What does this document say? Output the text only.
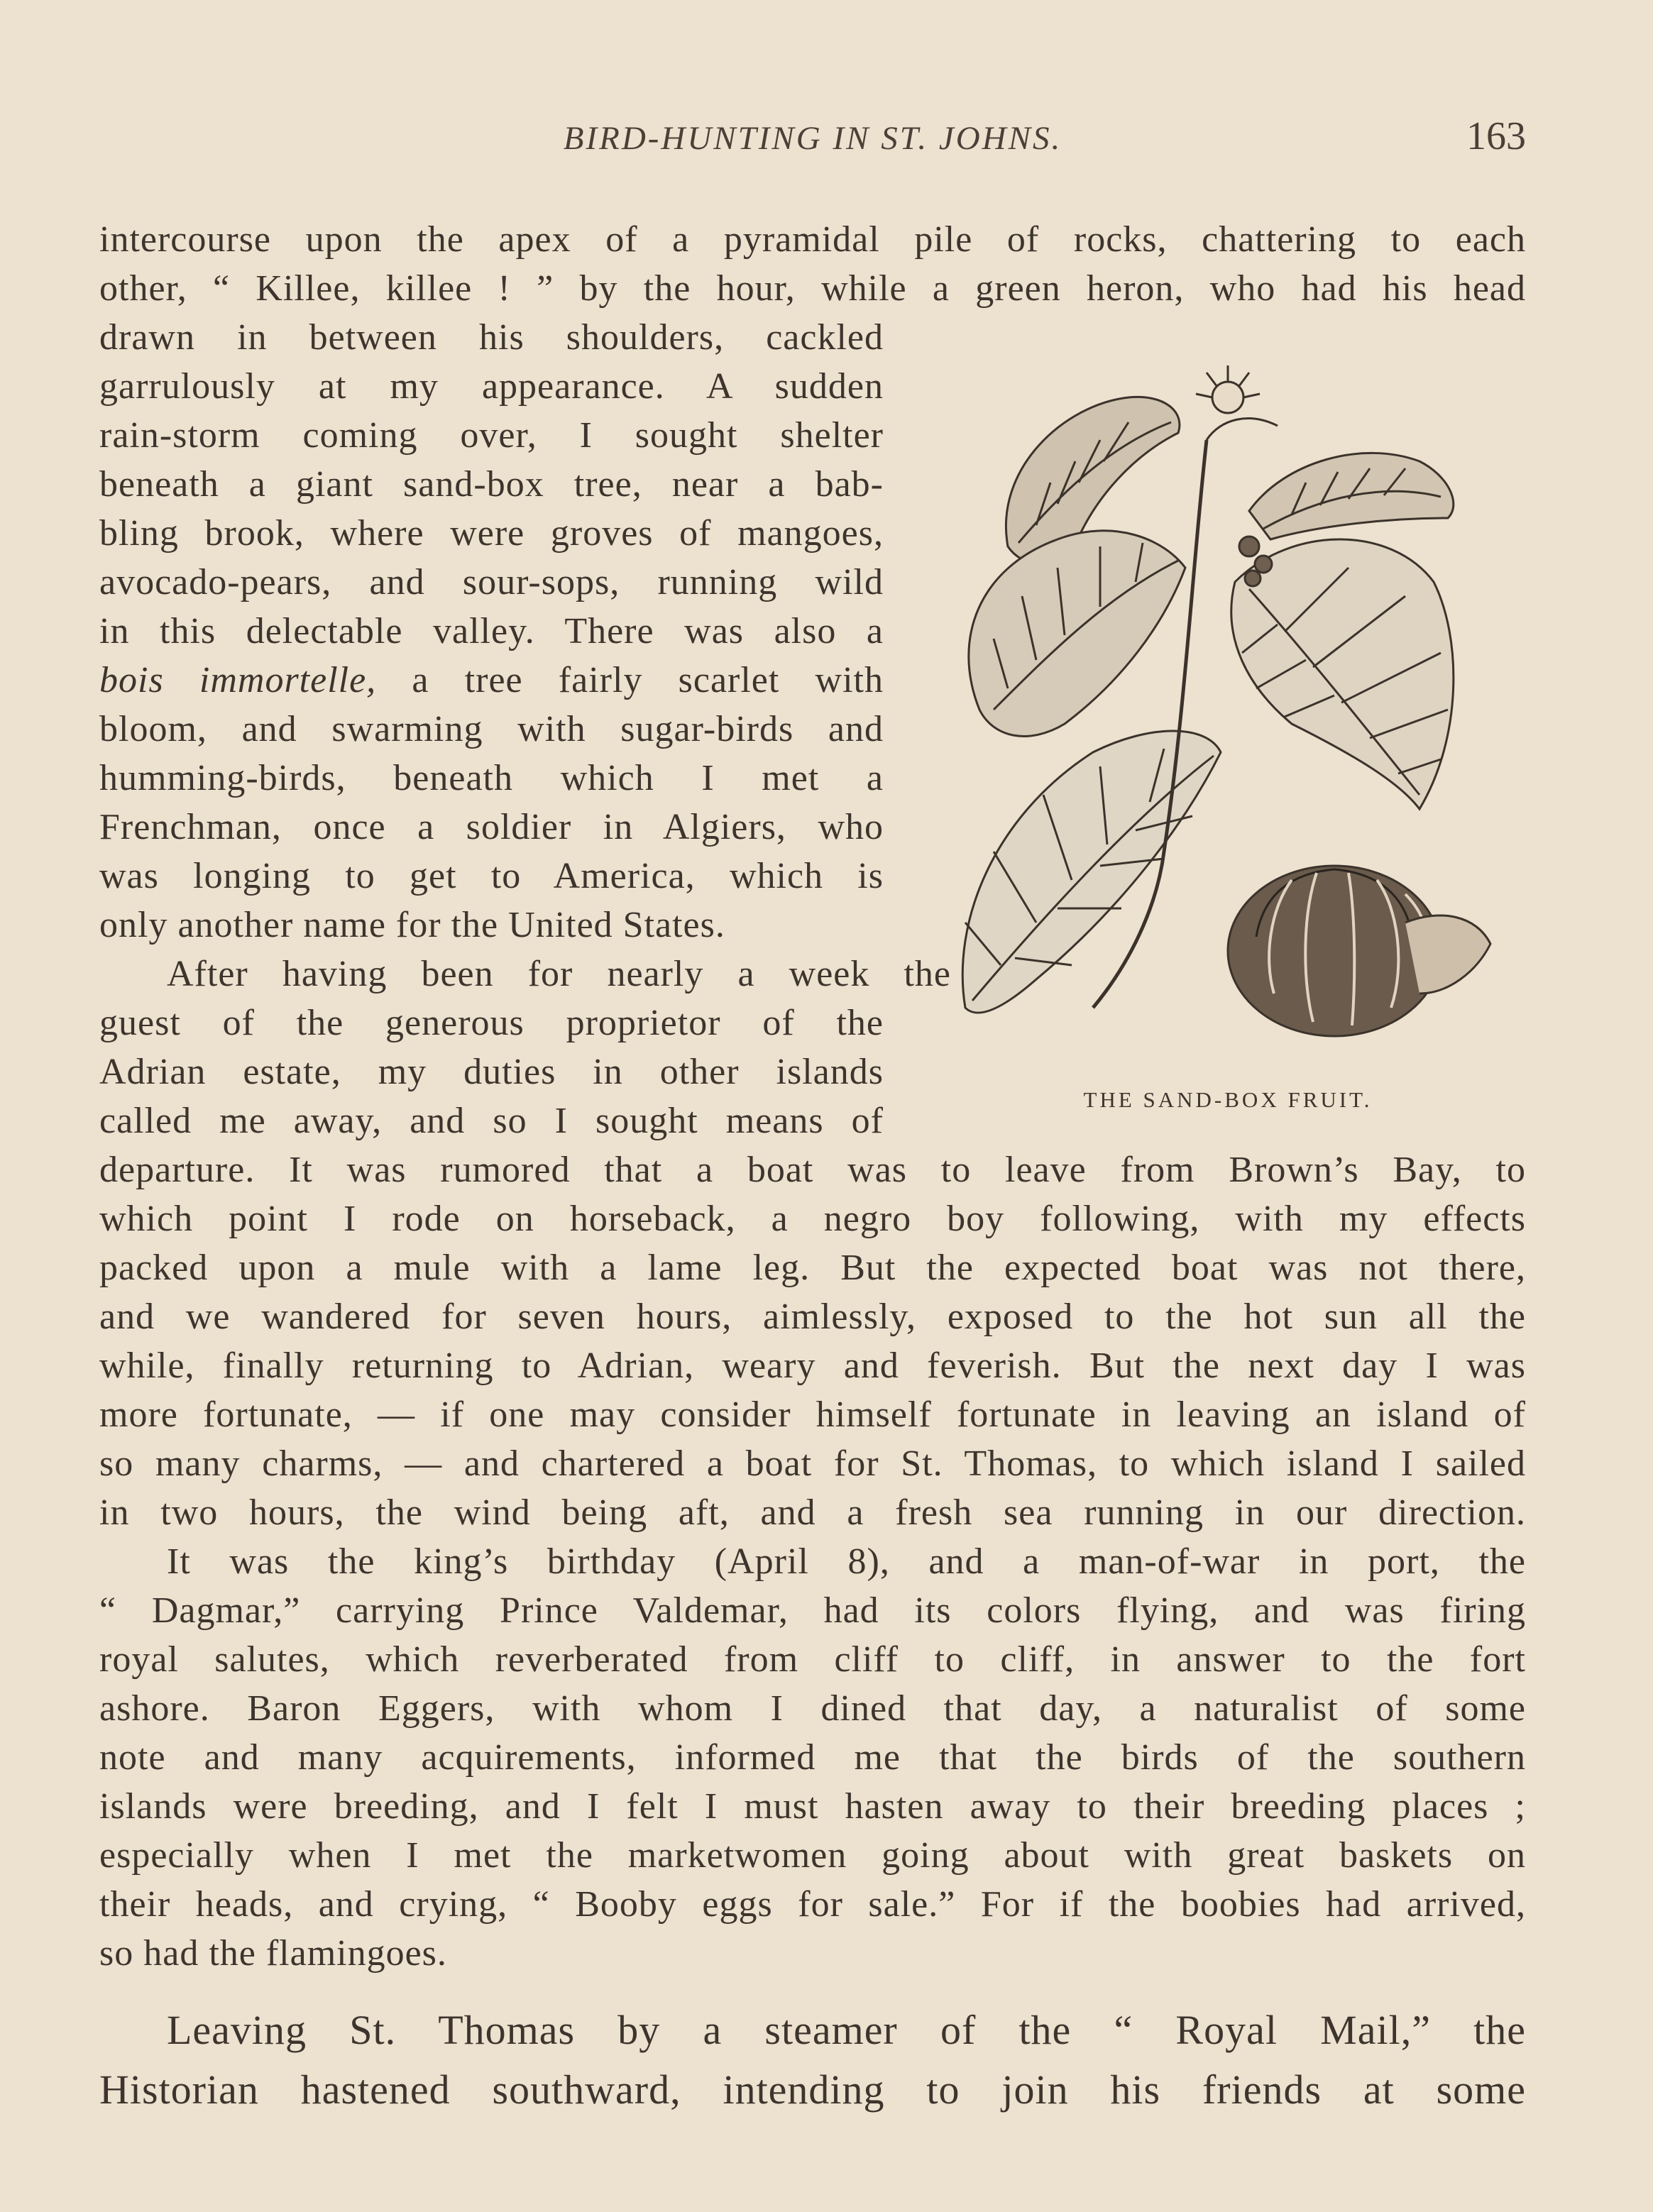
BIRD-HUNTING IN ST. JOHNS.	163
THE SAND-BOX FRUIT.
intercourse upon the apex of a pyramidal pile of rocks, chattering to each
other, “ Killee, killee ! ” by the hour, while a green heron, who had his head
drawn in between his shoulders, cackled
garrulously at my appearance. A sudden
rain-storm coming over, I sought shelter
beneath a giant sand-box tree, near a bab-
bling brook, where were groves of mangoes,
avocado-pears, and sour-sops, running wild
in this delectable valley. There was also a
bois immortelle, a tree fairly scarlet with
bloom, and swarming with sugar-birds and
humming-birds, beneath which I met a
Frenchman, once a soldier in Algiers, who
was longing to get to America, which is
only another name for the United States.
After having been for nearly a week the
guest of the generous proprietor of the
Adrian estate, my duties in other islands
called me away, and so I sought means of
departure. It was rumored that a boat was to leave from Brown’s Bay, to
which point I rode on horseback, a negro boy following, with my effects
packed upon a mule with a lame leg. But the expected boat was not there,
and we wandered for seven hours, aimlessly, exposed to the hot sun all the
while, finally returning to Adrian, weary and feverish. But the next day I was
more fortunate, — if one may consider himself fortunate in leaving an island of
so many charms, — and chartered a boat for St. Thomas, to which island I sailed
in two hours, the wind being aft, and a fresh sea running in our direction.
It was the king’s birthday (April 8), and a man-of-war in port, the
“ Dagmar,” carrying Prince Valdemar, had its colors flying, and was firing
royal salutes, which reverberated from cliff to cliff, in answer to the fort
ashore. Baron Eggers, with whom I dined that day, a naturalist of some
note and many acquirements, informed me that the birds of the southern
islands were breeding, and I felt I must hasten away to their breeding places ;
especially when I met the marketwomen going about with great baskets on
their heads, and crying, “ Booby eggs for sale.” For if the boobies had arrived,
so had the flamingoes.
Leaving St. Thomas by a steamer of the “ Royal Mail,” the
Historian hastened southward, intending to join his friends at some
